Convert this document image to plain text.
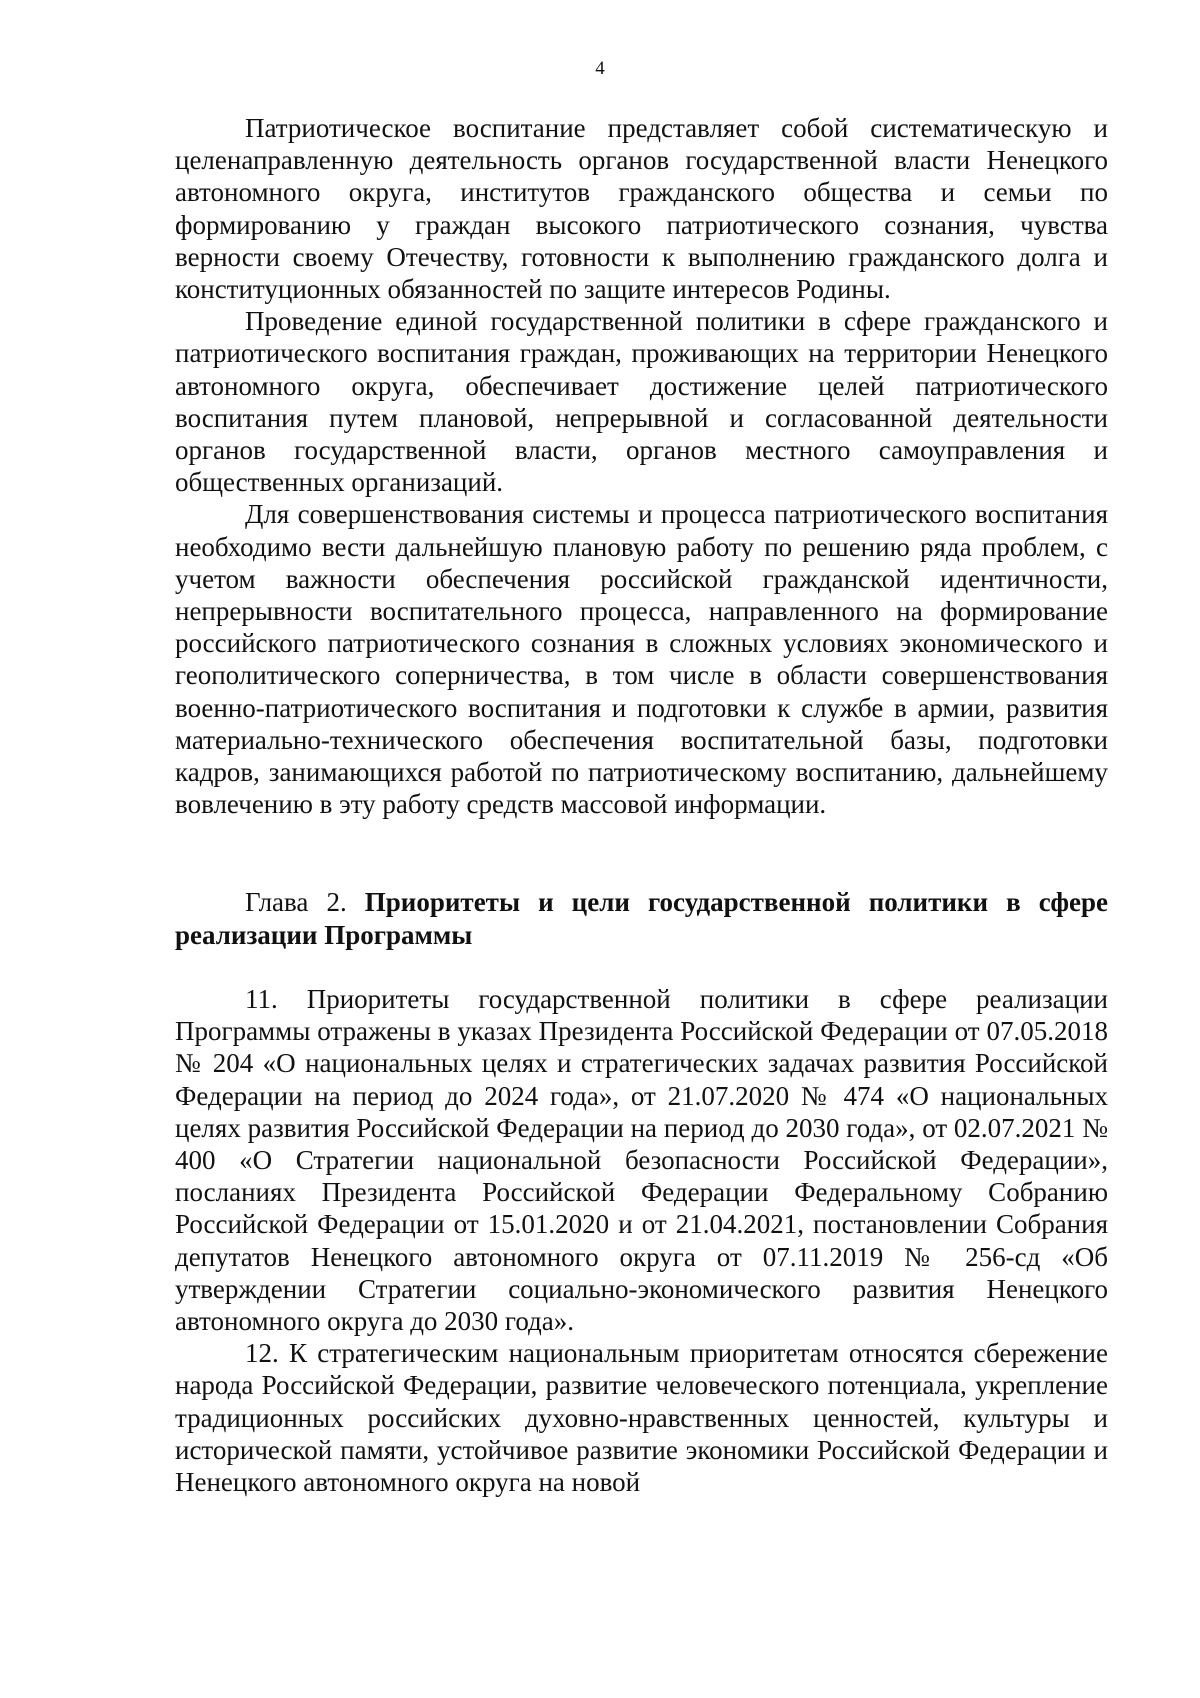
4

Патриотическое воспитание представляет собой систематическую и целенаправленную деятельность органов государственной власти Ненецкого автономного округа, институтов гражданского общества и семьи по формированию у граждан высокого патриотического сознания, чувства верности своему Отечеству, готовности к выполнению гражданского долга и конституционных обязанностей по защите интересов Родины.

Проведение единой государственной политики в сфере гражданского и патриотического воспитания граждан, проживающих на территории Ненецкого автономного округа, обеспечивает достижение целей патриотического воспитания путем плановой, непрерывной и согласованной деятельности органов государственной власти, органов местного самоуправления и общественных организаций.

Для совершенствования системы и процесса патриотического воспитания необходимо вести дальнейшую плановую работу по решению ряда проблем, с учетом важности обеспечения российской гражданской идентичности, непрерывности воспитательного процесса, направленного на формирование российского патриотического сознания в сложных условиях экономического и геополитического соперничества, в том числе в области совершенствования военно-патриотического воспитания и подготовки к службе в армии, развития материально-технического обеспечения воспитательной базы, подготовки кадров, занимающихся работой по патриотическому воспитанию, дальнейшему вовлечению в эту работу средств массовой информации.

Глава 2. Приоритеты и цели государственной политики в сфере реализации Программы

11. Приоритеты государственной политики в сфере реализации Программы отражены в указах Президента Российской Федерации от 07.05.2018 № 204 «О национальных целях и стратегических задачах развития Российской Федерации на период до 2024 года», от 21.07.2020 № 474 «О национальных целях развития Российской Федерации на период до 2030 года», от 02.07.2021 № 400 «О Стратегии национальной безопасности Российской Федерации», посланиях Президента Российской Федерации Федеральному Собранию Российской Федерации от 15.01.2020 и от 21.04.2021, постановлении Собрания депутатов Ненецкого автономного округа от 07.11.2019 № 256-сд «Об утверждении Стратегии социально-экономического развития Ненецкого автономного округа до 2030 года».

12. К стратегическим национальным приоритетам относятся сбережение народа Российской Федерации, развитие человеческого потенциала, укрепление традиционных российских духовно-нравственных ценностей, культуры и исторической памяти, устойчивое развитие экономики Российской Федерации и Ненецкого автономного округа на новой
